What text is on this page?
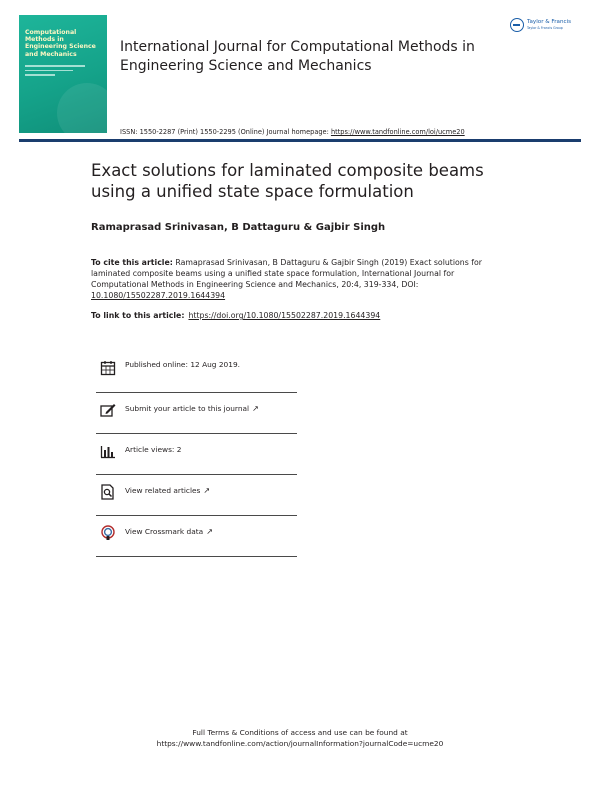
Computational Methods in Engineering Science and Mechanics	International Journal for Computational Methods in Engineering Science and Mechanics
ISSN: 1550-2287 (Print) 1550-2295 (Online) Journal homepage: https://www.tandfonline.com/loi/ucme20
Taylor & Francis
Taylor & Francis Group
Exact solutions for laminated composite beams using a unified state space formulation
Ramaprasad Srinivasan, B Dattaguru & Gajbir Singh
To cite this article: Ramaprasad Srinivasan, B Dattaguru & Gajbir Singh (2019) Exact solutions for laminated composite beams using a unified state space formulation, International Journal for Computational Methods in Engineering Science and Mechanics, 20:4, 319-334, DOI: 10.1080/15502287.2019.1644394
To link to this article: https://doi.org/10.1080/15502287.2019.1644394
Published online: 12 Aug 2019.
Submit your article to this journal ↗
Article views: 2
View related articles ↗
View Crossmark data ↗
Full Terms & Conditions of access and use can be found at
https://www.tandfonline.com/action/journalInformation?journalCode=ucme20
